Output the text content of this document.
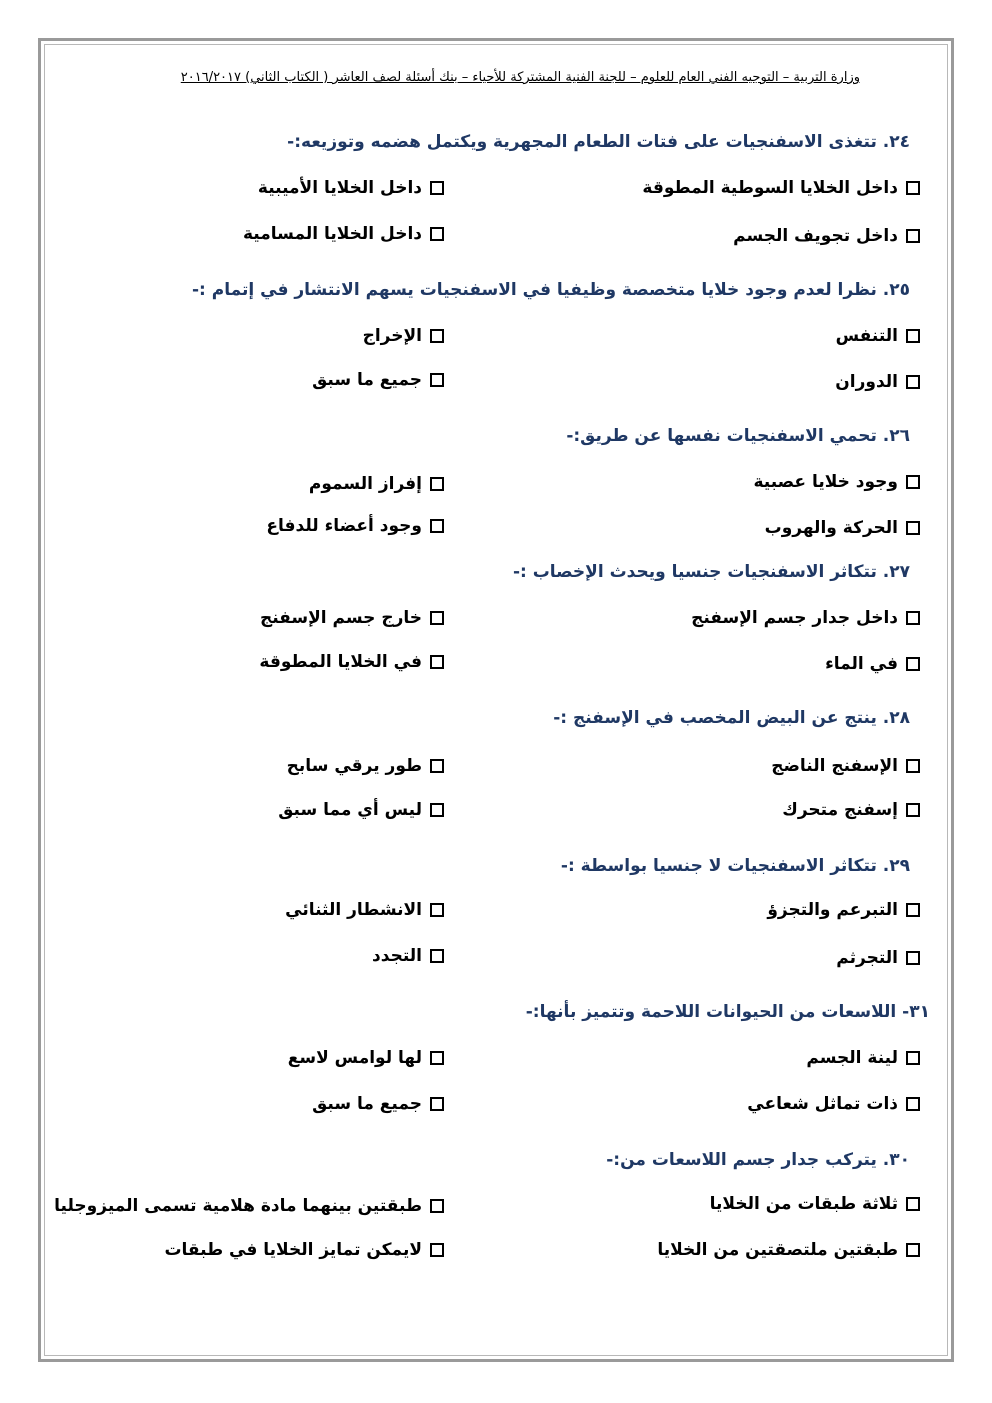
وزارة التربية – التوجيه الفني العام للعلوم – للجنة الفنية المشتركة للأحياء – بنك أسئلة لصف العاشر ( الكتاب الثاني) ٢٠١٦/٢٠١٧
٢٤. تتغذى الاسفنجيات على فتات الطعام المجهرية ويكتمل هضمه وتوزيعه:-
داخل الخلايا السوطية المطوقة
داخل الخلايا الأميبية
داخل تجويف الجسم
داخل الخلايا المسامية
٢٥. نظرا لعدم وجود خلايا متخصصة وظيفيا في الاسفنجيات يسهم الانتشار في إتمام :-
التنفس
الإخراج
الدوران
جميع ما سبق
٢٦. تحمي الاسفنجيات نفسها عن طريق:-
وجود خلايا عصبية
إفراز السموم
الحركة والهروب
وجود أعضاء للدفاع
٢٧. تتكاثر الاسفنجيات جنسيا ويحدث الإخصاب :-
داخل جدار جسم الإسفنج
خارج جسم الإسفنج
في الماء
في الخلايا المطوقة
٢٨. ينتج عن البيض المخصب في الإسفنج :-
الإسفنج الناضج
طور يرقي سابح
إسفنج متحرك
ليس أي مما سبق
٢٩. تتكاثر الاسفنجيات لا جنسيا بواسطة :-
التبرعم والتجزؤ
الانشطار الثنائي
التجرثم
التجدد
٣١- اللاسعات من الحيوانات اللاحمة وتتميز بأنها:-
لينة الجسم
لها لوامس لاسع
ذات تماثل شعاعي
جميع ما سبق
٣٠. يتركب جدار جسم اللاسعات من:-
ثلاثة طبقات من الخلايا
طبقتين بينهما مادة هلامية تسمى الميزوجليا
طبقتين ملتصقتين من الخلايا
لايمكن تمايز الخلايا في طبقات
